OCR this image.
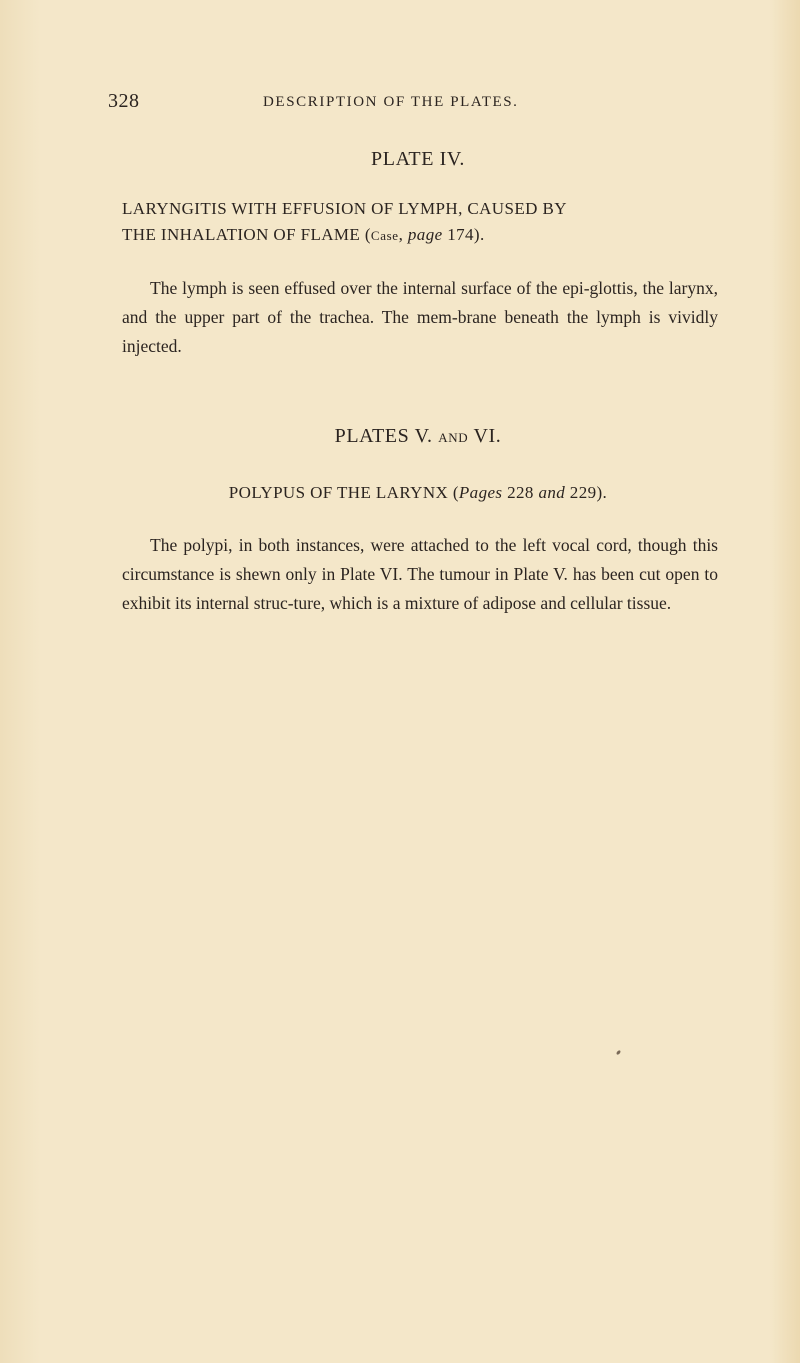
328	DESCRIPTION OF THE PLATES.

PLATE IV.

LARYNGITIS WITH EFFUSION OF LYMPH, CAUSED BY
THE INHALATION OF FLAME (Case, page 174).

The lymph is seen effused over the internal surface of the epi-glottis, the larynx, and the upper part of the trachea. The mem-brane beneath the lymph is vividly injected.

PLATES V. AND VI.

POLYPUS OF THE LARYNX (Pages 228 and 229).

The polypi, in both instances, were attached to the left vocal cord, though this circumstance is shewn only in Plate VI. The tumour in Plate V. has been cut open to exhibit its internal struc-ture, which is a mixture of adipose and cellular tissue.
